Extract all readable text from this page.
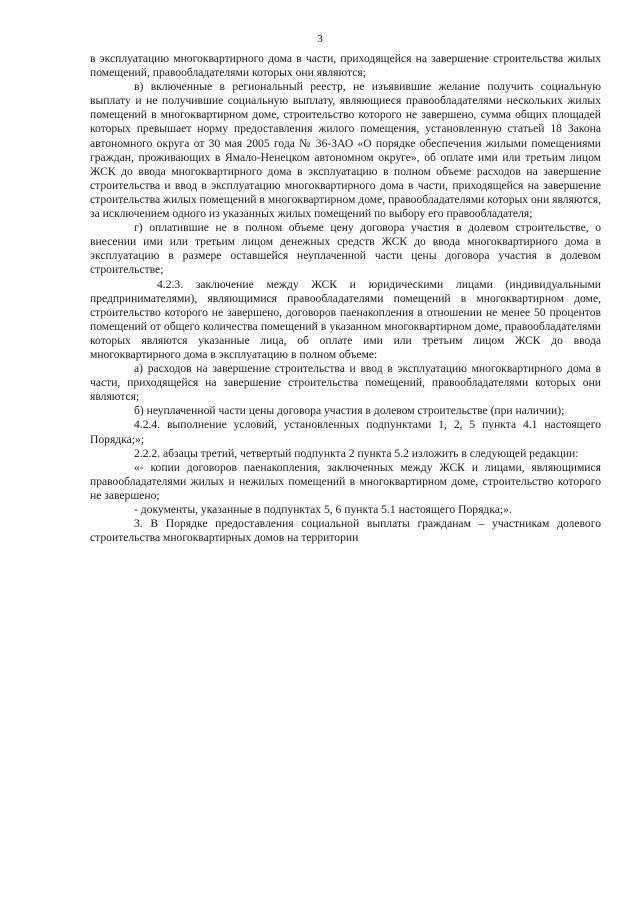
3

в эксплуатацию многоквартирного дома в части, приходящейся на завершение строительства жилых помещений, правообладателями которых они являются;

в) включенные в региональный реестр, не изъявившие желание получить социальную выплату и не получившие социальную выплату, являющиеся правообладателями нескольких жилых помещений в многоквартирном доме, строительство которого не завершено, сумма общих площадей которых превышает норму предоставления жилого помещения, установленную статьей 18 Закона автономного округа от 30 мая 2005 года № 36-ЗАО «О порядке обеспечения жилыми помещениями граждан, проживающих в Ямало-Ненецком автономном округе», об оплате ими или третьим лицом ЖСК до ввода многоквартирного дома в эксплуатацию в полном объеме расходов на завершение строительства и ввод в эксплуатацию многоквартирного дома в части, приходящейся на завершение строительства жилых помещений в многоквартирном доме, правообладателями которых они являются, за исключением одного из указанных жилых помещений по выбору его правообладателя;

г) оплатившие не в полном объеме цену договора участия в долевом строительстве, о внесении ими или третьим лицом денежных средств ЖСК до ввода многоквартирного дома в эксплуатацию в размере оставшейся неуплаченной части цены договора участия в долевом строительстве;

4.2.3. заключение между ЖСК и юридическими лицами (индивидуальными предпринимателями), являющимися правообладателями помещений в многоквартирном доме, строительство которого не завершено, договоров паенакопления в отношении не менее 50 процентов помещений от общего количества помещений в указанном многоквартирном доме, правообладателями которых являются указанные лица, об оплате ими или третьим лицом ЖСК до ввода многоквартирного дома в эксплуатацию в полном объеме:

а) расходов на завершение строительства и ввод в эксплуатацию многоквартирного дома в части, приходящейся на завершение строительства помещений, правообладателями которых они являются;

б) неуплаченной части цены договора участия в долевом строительстве (при наличии);

4.2.4. выполнение условий, установленных подпунктами 1, 2, 5 пункта 4.1 настоящего Порядка;»;

2.2.2. абзацы третий, четвертый подпункта 2 пункта 5.2 изложить в следующей редакции:

«- копии договоров паенакопления, заключенных между ЖСК и лицами, являющимися правообладателями жилых и нежилых помещений в многоквартирном доме, строительство которого не завершено;

- документы, указанные в подпунктах 5, 6 пункта 5.1 настоящего Порядка;».

3. В Порядке предоставления социальной выплаты гражданам – участникам долевого строительства многоквартирных домов на территории
